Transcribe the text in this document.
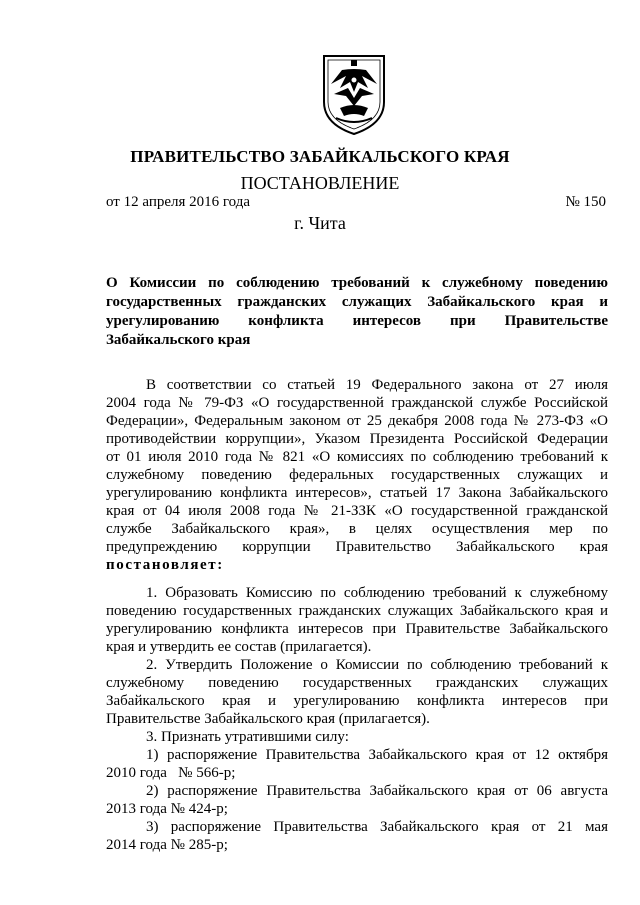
ПРАВИТЕЛЬСТВО ЗАБАЙКАЛЬСКОГО КРАЯ
ПОСТАНОВЛЕНИЕ
от 12 апреля 2016 года	№ 150
г. Чита
О Комиссии по соблюдению требований к служебному поведению
государственных гражданских служащих Забайкальского края и
урегулированию конфликта интересов при Правительстве
Забайкальского края
В соответствии со статьей 19 Федерального закона от 27 июля
2004 года № 79-ФЗ «О государственной гражданской службе Российской
Федерации», Федеральным законом от 25 декабря 2008 года № 273-ФЗ «О
противодействии коррупции», Указом Президента Российской Федерации
от 01 июля 2010 года № 821 «О комиссиях по соблюдению требований к
служебному поведению федеральных государственных служащих и
урегулированию конфликта интересов», статьей 17 Закона Забайкальского
края от 04 июля 2008 года № 21-ЗЗК «О государственной гражданской
службе Забайкальского края», в целях осуществления мер по
предупреждению коррупции Правительство Забайкальского края
постановляет:
1. Образовать Комиссию по соблюдению требований к служебному
поведению государственных гражданских служащих Забайкальского края и
урегулированию конфликта интересов при Правительстве Забайкальского
края и утвердить ее состав (прилагается).
2. Утвердить Положение о Комиссии по соблюдению требований к
служебному поведению государственных гражданских служащих
Забайкальского края и урегулированию конфликта интересов при
Правительстве Забайкальского края (прилагается).
3. Признать утратившими силу:
1) распоряжение Правительства Забайкальского края от 12 октября
2010 года   № 566-р;
2) распоряжение Правительства Забайкальского края от 06 августа
2013 года № 424-р;
3) распоряжение Правительства Забайкальского края от 21 мая
2014 года № 285-р;
